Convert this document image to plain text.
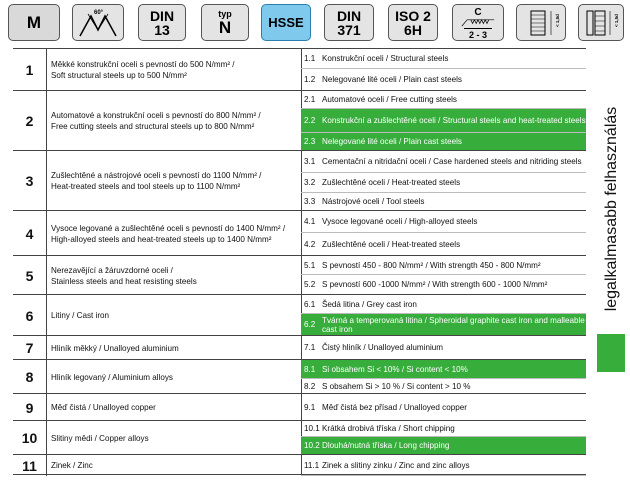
M	60°	DIN
13
typ
N	HSSE DIN
371
ISO 2
6H
C
2 - 3
< 1,5d	< 1,5d
1	Měkké konstrukční oceli s pevností do 500 N/mm² /
Soft structural steels up to 500 N/mm²
1.1 Konstrukční oceli / Structural steels
1.2 Nelegované lité oceli / Plain cast steels
2	Automatové a konstrukční oceli s pevností do 800 N/mm² /
Free cutting steels and structural steels up to 800 N/mm²
2.1 Automatové oceli / Free cutting steels
2.2 Konstrukční a zušlechtěné oceli / Structural steels and heat-treated steels
2.3 Nelegované lité oceli / Plain cast steels
3	Zušlechtěné a nástrojové oceli s pevností do 1100 N/mm² /
Heat-treated steels and tool steels up to 1100 N/mm²
3.1 Cementační a nitridační oceli / Case hardened steels and nitriding steels
3.2 Zušlechtěné oceli / Heat-treated steels
3.3 Nástrojové oceli / Tool steels
4	Vysoce legované a zušlechtěné oceli s pevností do 1400 N/mm² /
High-alloyed steels and heat-treated steels up to 1400 N/mm²
4.1 Vysoce legované oceli / High-alloyed steels
4.2 Zušlechtěné oceli / Heat-treated steels
5	Nerezavějící a žáruvzdorné oceli /
Stainless steels and heat resisting steels
5.1 S pevností 450 - 800 N/mm² / With strength 450 - 800 N/mm²
5.2 S pevností 600 -1000 N/mm² / With strength 600 - 1000 N/mm²
6	Litiny / Cast iron
6.1 Šedá litina / Grey cast iron
6.2 Tvárná a temperovaná litina / Spheroidal graphite cast iron and malleable cast iron
7	Hliník měkký / Unalloyed aluminium	7.1 Čistý hliník / Unalloyed aluminium
8	Hliník legovaný / Aluminium alloys
8.1 Si obsahem Si < 10% / Si content < 10%
8.2 S obsahem Si > 10 % / Si content > 10 %
9	Měď čistá / Unalloyed copper	9.1 Měď čistá bez přísad / Unalloyed copper
10	Slitiny mědi / Copper alloys
10.1 Krátká drobivá tříska / Short chipping
10.2 Dlouhá/nutná tříska / Long chipping
11	Zinek / Zinc	11.1 Zinek a slitiny zinku / Zinc and zinc alloys
legalkalmasabb felhasználás
